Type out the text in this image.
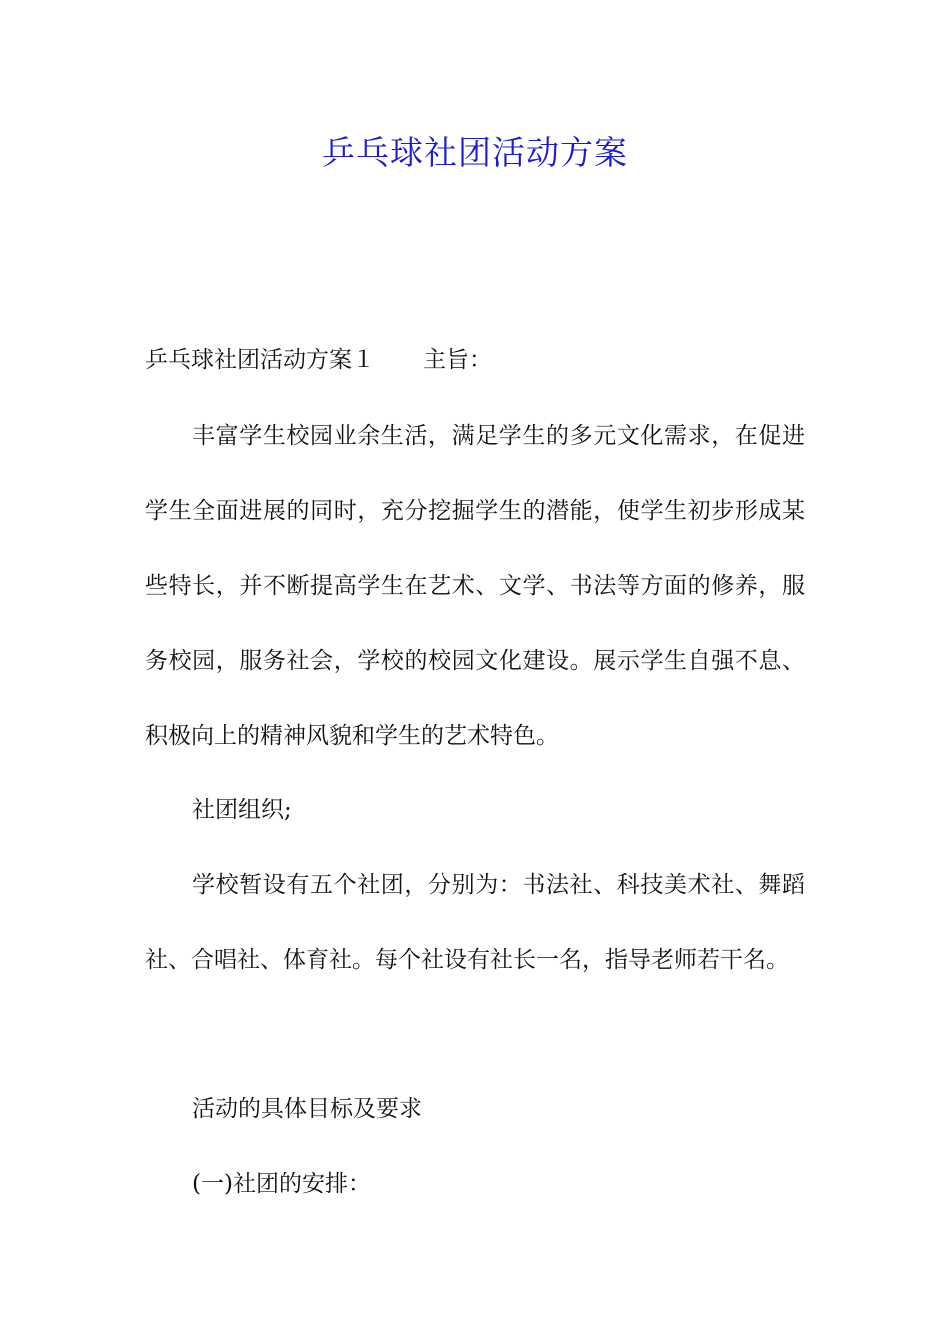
乒乓球社团活动方案
乒乓球社团活动方案１ 主旨：

丰富学生校园业余生活，满足学生的多元文化需求，在促进学生全面进展的同时，充分挖掘学生的潜能，使学生初步形成某些特长，并不断提高学生在艺术、文学、书法等方面的修养，服务校园，服务社会，学校的校园文化建设。展示学生自强不息、积极向上的精神风貌和学生的艺术特色。

社团组织;

学校暂设有五个社团，分别为：书法社、科技美术社、舞蹈社、合唱社、体育社。每个社设有社长一名，指导老师若干名。

活动的具体目标及要求

(一)社团的安排：
